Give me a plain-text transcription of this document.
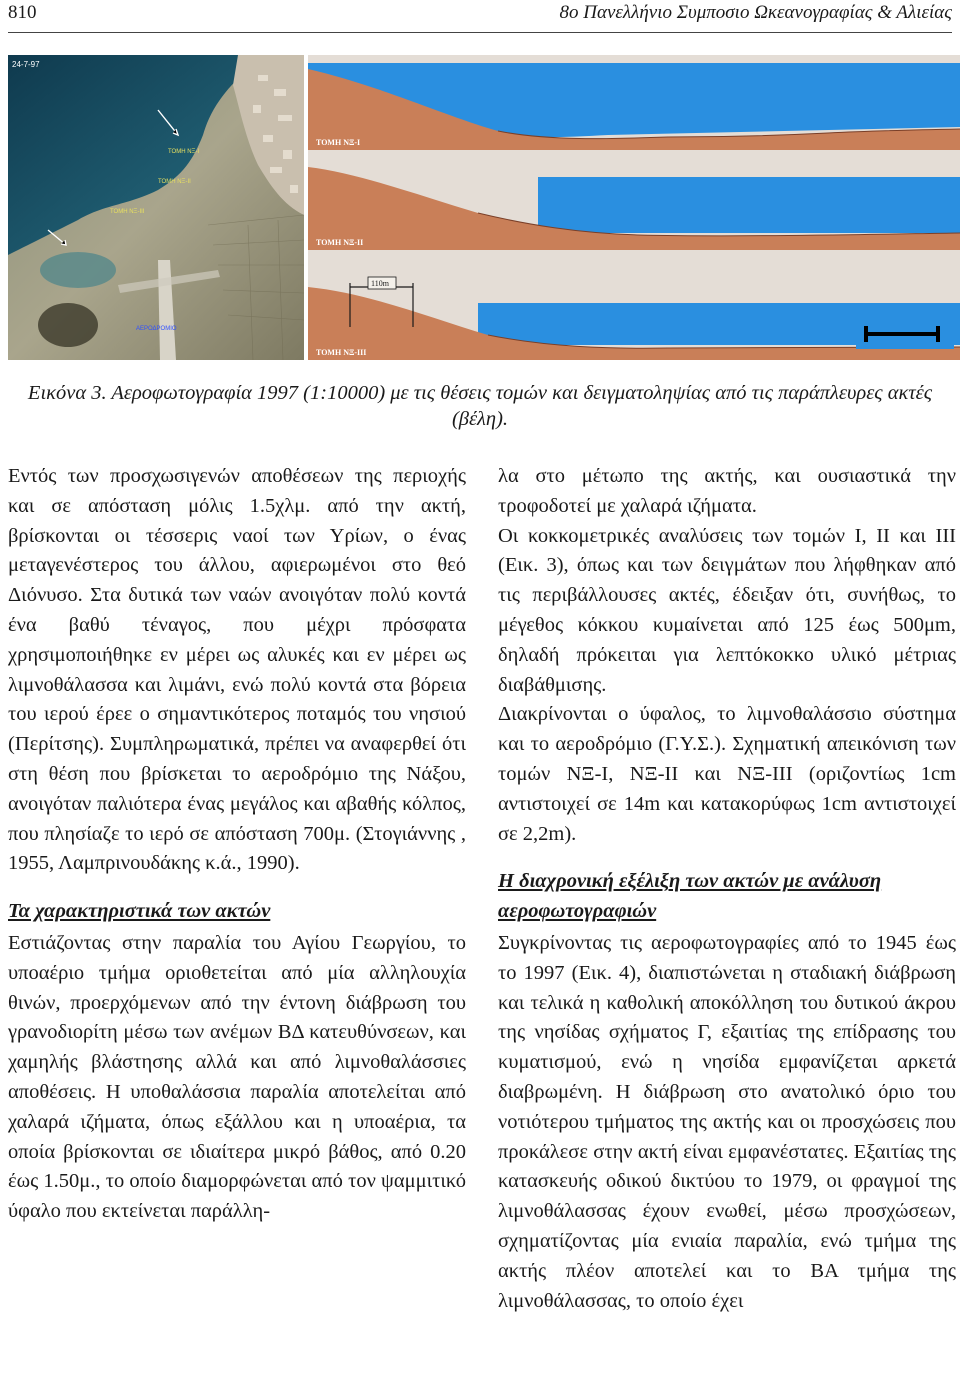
810	8ο Πανελλήνιο Συμποσιο Ωκεανογραφίας & Αλιείας
24-7-97
ΤΟΜΗ ΝΞ-Ι
ΤΟΜΗ ΝΞ-ΙΙ
ΤΟΜΗ ΝΞ-ΙΙΙ
ΑΕΡΟΔΡΟΜΙΟ
ΤΟΜΗ ΝΞ-Ι
ΤΟΜΗ ΝΞ-ΙΙ
ΤΟΜΗ ΝΞ-ΙΙΙ
110m
Εικόνα 3. Αεροφωτογραφία 1997 (1:10000) με τις θέσεις τομών και δειγματοληψίας από τις παράπλευρες ακτές (βέλη).

Εντός των προσχωσιγενών αποθέσεων της περιοχής και σε απόσταση μόλις 1.5χλμ. από την ακτή, βρίσκονται οι τέσσερις ναοί των Υρίων, ο ένας μεταγενέστερος του άλλου, αφιερωμένοι στο θεό Διόνυσο. Στα δυτικά των ναών ανοιγόταν πολύ κοντά ένα βαθύ τέναγος, που μέχρι πρόσφατα χρησιμοποιήθηκε εν μέρει ως αλυκές και εν μέρει ως λιμνοθάλασσα και λιμάνι, ενώ πολύ κοντά στα βόρεια του ιερού έρεε ο σημαντικότερος ποταμός του νησιού (Περίτσης). Συμπληρωματικά, πρέπει να αναφερθεί ότι στη θέση που βρίσκεται το αεροδρόμιο της Νάξου, ανοιγόταν παλιότερα ένας μεγάλος και αβαθής κόλπος, που πλησίαζε το ιερό σε απόσταση 700μ. (Στογιάννης , 1955, Λαμπρινουδάκης κ.ά., 1990).

Τα χαρακτηριστικά των ακτών

Εστιάζοντας στην παραλία του Αγίου Γεωργίου, το υποαέριο τμήμα οριοθετείται από μία αλληλουχία θινών, προερχόμενων από την έντονη διάβρωση του γρανοδιορίτη μέσω των ανέμων ΒΔ κατευθύνσεων, και χαμηλής βλάστησης αλλά και από λιμνοθαλάσσιες αποθέσεις. Η υποθαλάσσια παραλία αποτελείται από χαλαρά ιζήματα, όπως εξάλλου και η υποαέρια, τα οποία βρίσκονται σε ιδιαίτερα μικρό βάθος, από 0.20 έως 1.50μ., το οποίο διαμορφώνεται από τον ψαμμιτικό ύφαλο που εκτείνεται παράλλη-

λα στο μέτωπο της ακτής, και ουσιαστικά την τροφοδοτεί με χαλαρά ιζήματα.

Οι κοκκομετρικές αναλύσεις των τομών Ι, ΙΙ και ΙΙΙ (Εικ. 3), όπως και των δειγμάτων που λήφθηκαν από τις περιβάλλουσες ακτές, έδειξαν ότι, συνήθως, το μέγεθος κόκκου κυμαίνεται από 125 έως 500μm, δηλαδή πρόκειται για λεπτόκοκκο υλικό μέτριας διαβάθμισης.

Διακρίνονται ο ύφαλος, το λιμνοθαλάσσιο σύστημα και το αεροδρόμιο (Γ.Υ.Σ.). Σχηματική απεικόνιση των τομών ΝΞ-Ι, ΝΞ-ΙΙ και ΝΞ-ΙΙΙ (οριζοντίως 1cm αντιστοιχεί σε 14m και κατακορύφως 1cm αντιστοιχεί σε 2,2m).

Η διαχρονική εξέλιξη των ακτών με ανάλυση αεροφωτογραφιών

Συγκρίνοντας τις αεροφωτογραφίες από το 1945 έως το 1997 (Εικ. 4), διαπιστώνεται η σταδιακή διάβρωση και τελικά η καθολική αποκόλληση του δυτικού άκρου της νησίδας σχήματος Γ, εξαιτίας της επίδρασης του κυματισμού, ενώ η νησίδα εμφανίζεται αρκετά διαβρωμένη. Η διάβρωση στο ανατολικό όριο του νοτιότερου τμήματος της ακτής και οι προσχώσεις που προκάλεσε στην ακτή είναι εμφανέστατες. Εξαιτίας της κατασκευής οδικού δικτύου το 1979, οι φραγμοί της λιμνοθάλασσας έχουν ενωθεί, μέσω προσχώσεων, σχηματίζοντας μία ενιαία παραλία, ενώ τμήμα της ακτής πλέον αποτελεί και το ΒΑ τμήμα της λιμνοθάλασσας, το οποίο έχει
